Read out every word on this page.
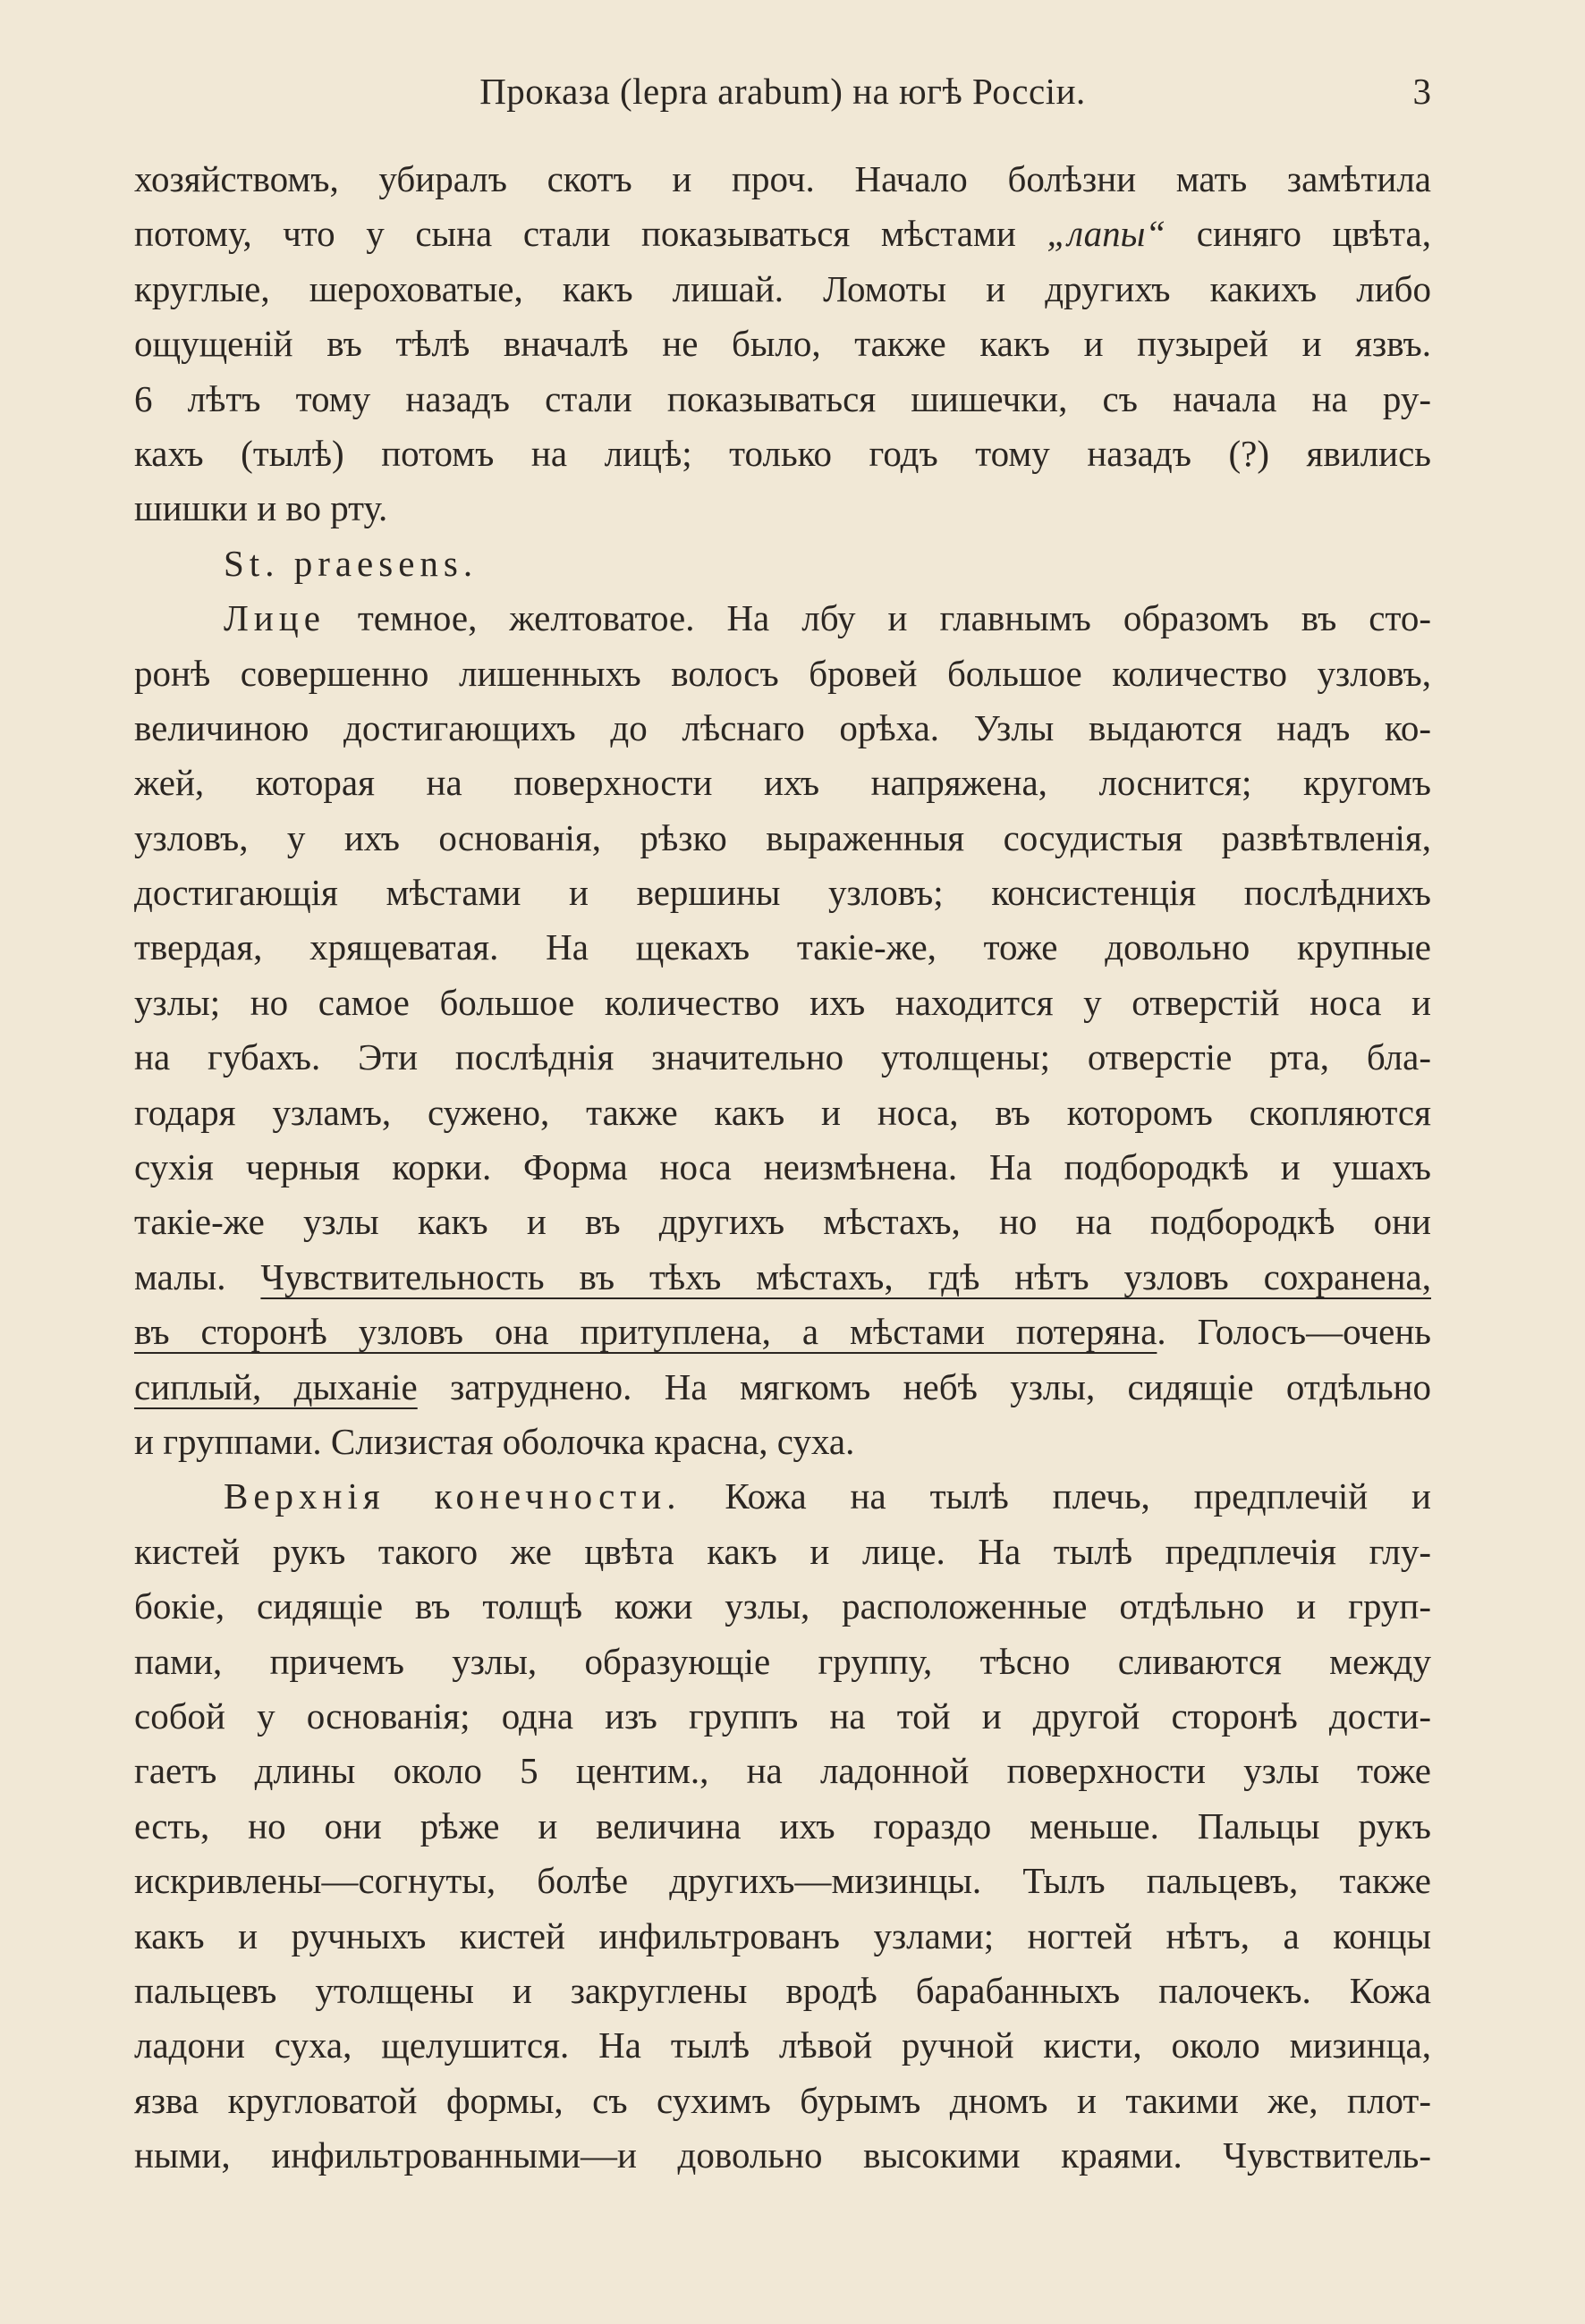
Проказа (lepra arabum) на югѣ Россіи.	3
хозяйствомъ, убиралъ скотъ и проч. Начало болѣзни мать замѣтила
потому, что у сына стали показываться мѣстами „лапы“ синяго цвѣта,
круглые, шероховатые, какъ лишай. Ломоты и другихъ какихъ либо
ощущеній въ тѣлѣ вначалѣ не было, также какъ и пузырей и язвъ.
6 лѣтъ тому назадъ стали показываться шишечки, съ начала на ру-
кахъ (тылѣ) потомъ на лицѣ; только годъ тому назадъ (?) явились
шишки и во рту.
St. praesens.
Лице темное, желтоватое. На лбу и главнымъ образомъ въ сто-
ронѣ совершенно лишенныхъ волосъ бровей большое количество узловъ,
величиною достигающихъ до лѣснаго орѣха. Узлы выдаются надъ ко-
жей, которая на поверхности ихъ напряжена, лоснится; кругомъ
узловъ, у ихъ основанія, рѣзко выраженныя сосудистыя развѣтвленія,
достигающія мѣстами и вершины узловъ; консистенція послѣднихъ
твердая, хрящеватая. На щекахъ такіе-же, тоже довольно крупные
узлы; но самое большое количество ихъ находится у отверстій носа и
на губахъ. Эти послѣднія значительно утолщены; отверстіе рта, бла-
годаря узламъ, сужено, также какъ и носа, въ которомъ скопляются
сухія черныя корки. Форма носа неизмѣнена. На подбородкѣ и ушахъ
такіе-же узлы какъ и въ другихъ мѣстахъ, но на подбородкѣ они
малы. Чувствительность въ тѣхъ мѣстахъ, гдѣ нѣтъ узловъ сохранена,
въ сторонѣ узловъ она притуплена, а мѣстами потеряна. Голосъ—очень
сиплый, дыханіе затруднено. На мягкомъ небѣ узлы, сидящіе отдѣльно
и группами. Слизистая оболочка красна, суха.
Верхнія конечности. Кожа на тылѣ плечь, предплечій и
кистей рукъ такого же цвѣта какъ и лице. На тылѣ предплечія глу-
бокіе, сидящіе въ толщѣ кожи узлы, расположенные отдѣльно и груп-
пами, причемъ узлы, образующіе группу, тѣсно сливаются между
собой у основанія; одна изъ группъ на той и другой сторонѣ дости-
гаетъ длины около 5 центим., на ладонной поверхности узлы тоже
есть, но они рѣже и величина ихъ гораздо меньше. Пальцы рукъ
искривлены—согнуты, болѣе другихъ—мизинцы. Тылъ пальцевъ, также
какъ и ручныхъ кистей инфильтрованъ узлами; ногтей нѣтъ, а концы
пальцевъ утолщены и закруглены вродѣ барабанныхъ палочекъ. Кожа
ладони суха, щелушится. На тылѣ лѣвой ручной кисти, около мизинца,
язва кругловатой формы, съ сухимъ бурымъ дномъ и такими же, плот-
ными, инфильтрованными—и довольно высокими краями. Чувствитель-
